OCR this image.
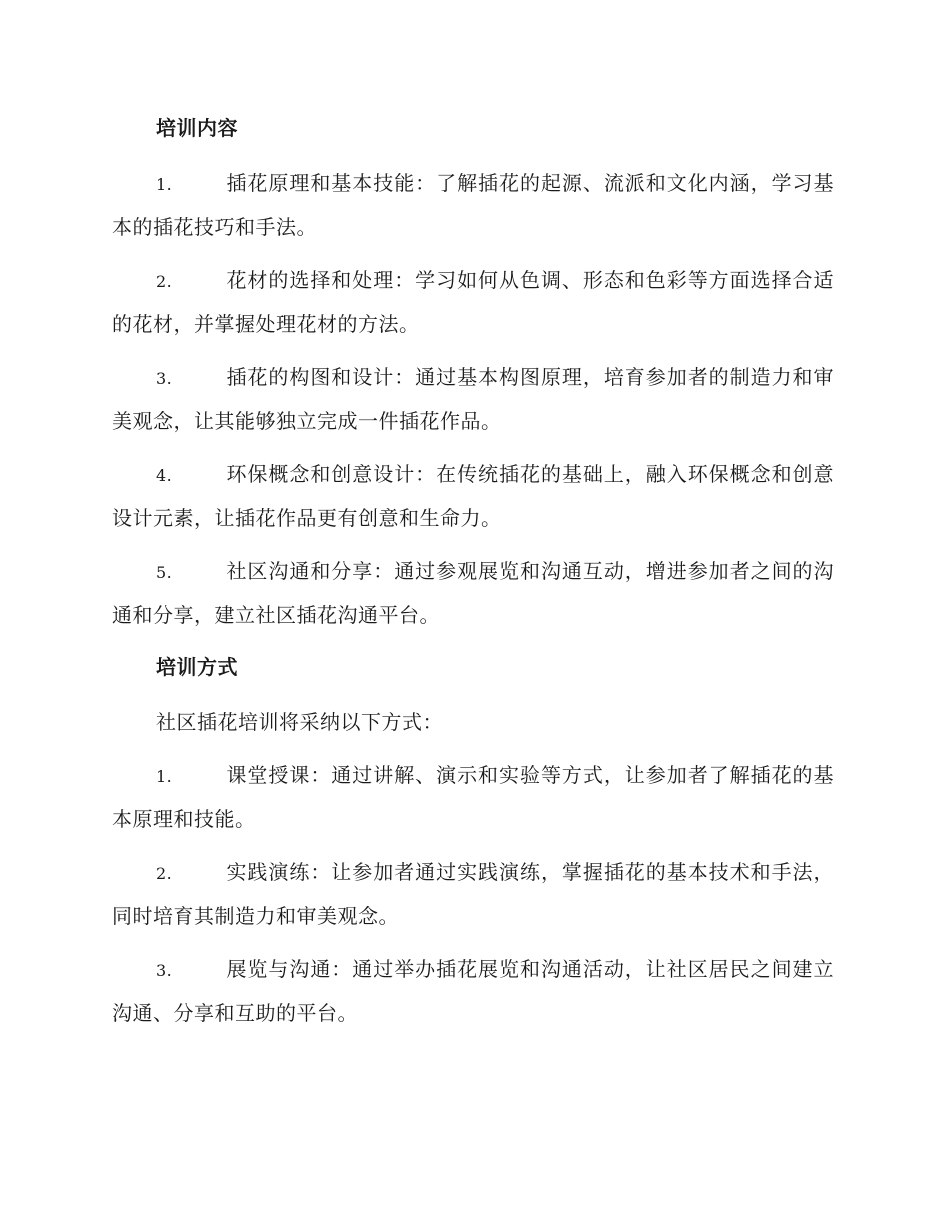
培训内容

1.	插花原理和基本技能：了解插花的起源、流派和文化内涵，学习基本的插花技巧和手法。

2.	花材的选择和处理：学习如何从色调、形态和色彩等方面选择合适的花材，并掌握处理花材的方法。

3.	插花的构图和设计：通过基本构图原理，培育参加者的制造力和审美观念，让其能够独立完成一件插花作品。

4.	环保概念和创意设计：在传统插花的基础上，融入环保概念和创意设计元素，让插花作品更有创意和生命力。

5.	社区沟通和分享：通过参观展览和沟通互动，增进参加者之间的沟通和分享，建立社区插花沟通平台。

培训方式

社区插花培训将采纳以下方式：

1.	课堂授课：通过讲解、演示和实验等方式，让参加者了解插花的基本原理和技能。

2.	实践演练：让参加者通过实践演练，掌握插花的基本技术和手法，同时培育其制造力和审美观念。

3.	展览与沟通：通过举办插花展览和沟通活动，让社区居民之间建立沟通、分享和互助的平台。
